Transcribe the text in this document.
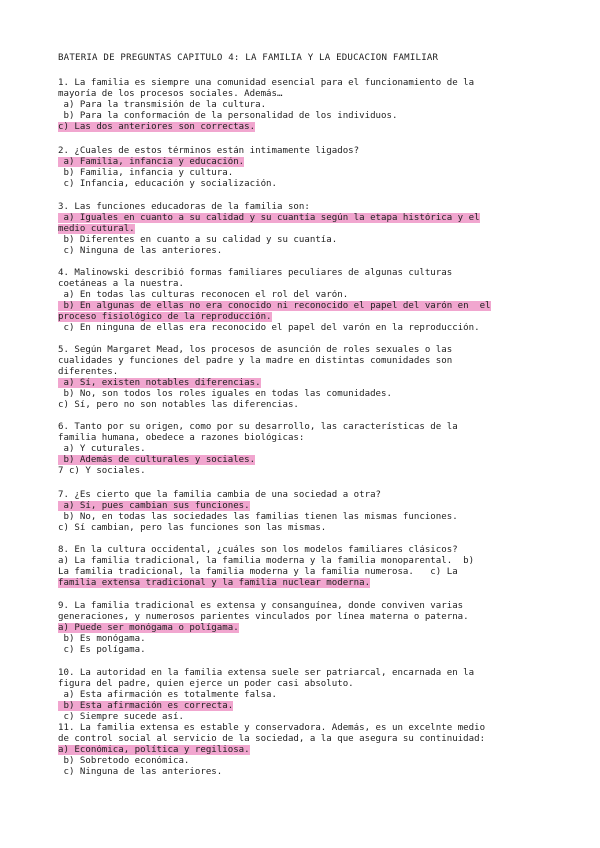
BATERÍA DE PREGUNTAS CAPÍTULO 4: LA FAMILIA Y LA EDUCACIÓN FAMILIAR
1. La familia es siempre una comunidad esencial para el funcionamiento de la
mayoría de los procesos sociales. Además…
a) Para la transmisión de la cultura.
b) Para la conformación de la personalidad de los individuos.
c) Las dos anteriores son correctas.
2. ¿Cuales de estos términos están intimamente ligados?
a) Familia, infancia y educación.
b) Familia, infancia y cultura.
c) Infancia, educación y socialización.
3. Las funciones educadoras de la familia son:
a) Iguales en cuanto a su calidad y su cuantía según la etapa histórica y el
medio cutural.
b) Diferentes en cuanto a su calidad y su cuantía.
c) Ninguna de las anteriores.
4. Malinowski describió formas familiares peculiares de algunas culturas
coetáneas a la nuestra.
a) En todas las culturas reconocen el rol del varón.
b) En algunas de ellas no era conocido ni reconocido el papel del varón en  el
proceso fisiológico de la reproducción.
c) En ninguna de ellas era reconocido el papel del varón en la reproducción.
5. Según Margaret Mead, los procesos de asunción de roles sexuales o las
cualidades y funciones del padre y la madre en distintas comunidades son
diferentes.
a) Sí, existen notables diferencias.
b) No, son todos los roles iguales en todas las comunidades.
c) Sí, pero no son notables las diferencias.
6. Tanto por su origen, como por su desarrollo, las características de la
familia humana, obedece a razones biológicas:
a) Y cuturales.
b) Además de culturales y sociales.
7 c) Y sociales.
7. ¿Es cierto que la familia cambia de una sociedad a otra?
a) Sí, pues cambian sus funciones.
b) No, en todas las sociedades las familias tienen las mismas funciones.
c) Sí cambian, pero las funciones son las mismas.
8. En la cultura occidental, ¿cuáles son los modelos familiares clásicos?
a) La familia tradicional, la familia moderna y la familia monoparental.  b)
La familia tradicional, la familia moderna y la familia numerosa.   c) La
familia extensa tradicional y la familia nuclear moderna.
9. La familia tradicional es extensa y consanguínea, donde conviven varias
generaciones, y numerosos parientes vinculados por línea materna o paterna.
a) Puede ser monógama o polígama.
b) Es monógama.
c) Es polígama.
10. La autoridad en la familia extensa suele ser patriarcal, encarnada en la
figura del padre, quien ejerce un poder casi absoluto.
a) Esta afirmación es totalmente falsa.
b) Esta afirmación es correcta.
c) Siempre sucede así.
11. La familia extensa es estable y conservadora. Además, es un excelnte medio
de control social al servicio de la sociedad, a la que asegura su continuidad:
a) Económica, política y regiliosa.
b) Sobretodo económica.
c) Ninguna de las anteriores.
